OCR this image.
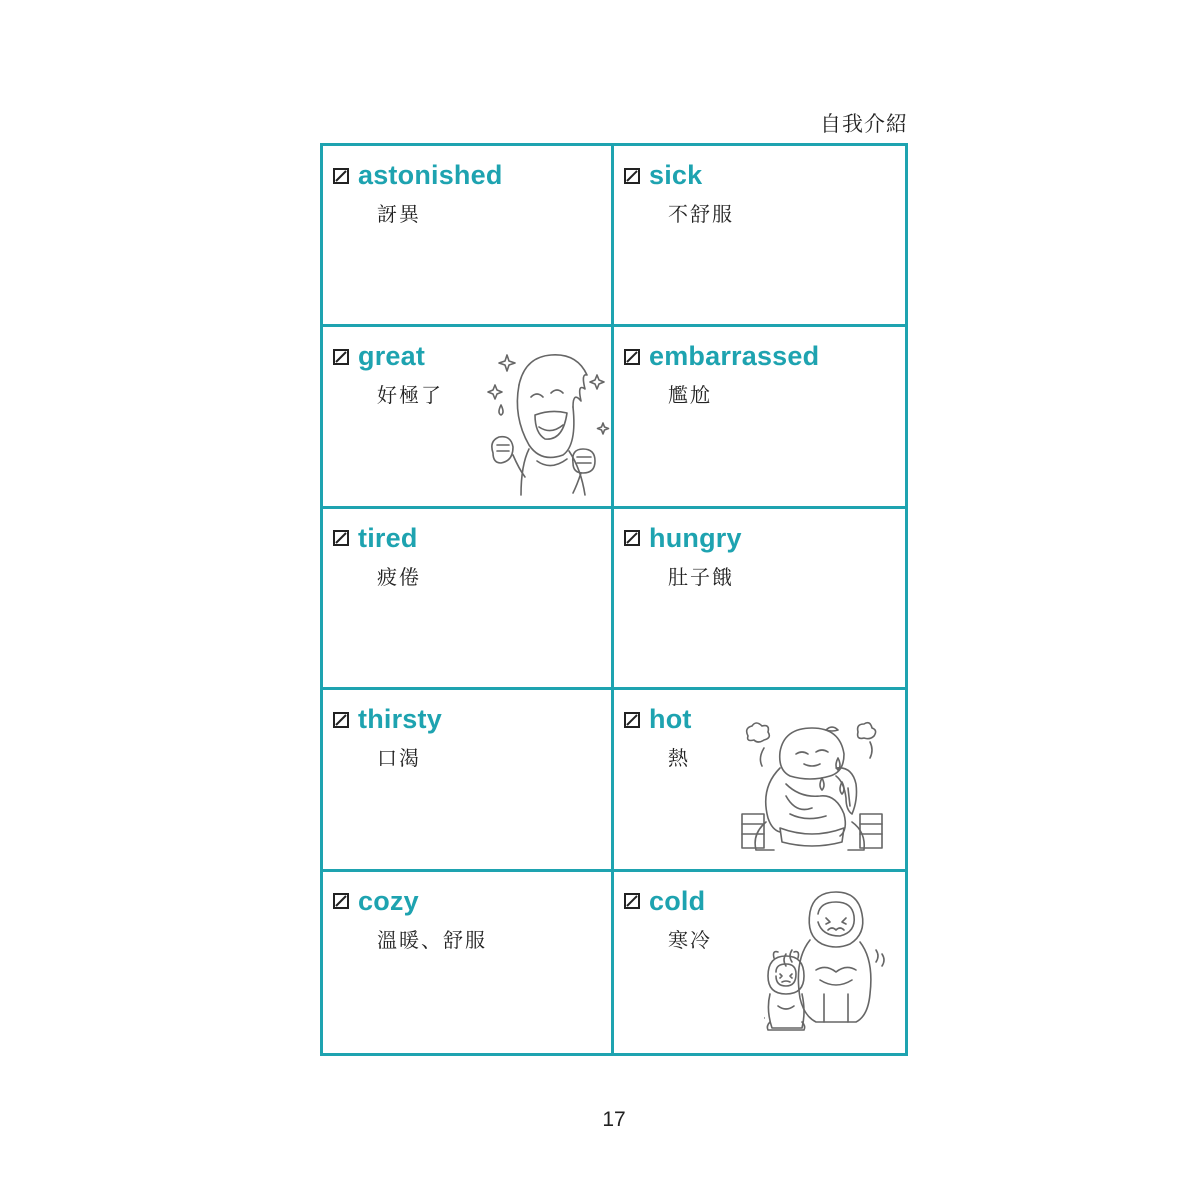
自我介紹
astonished
訝異
sick
不舒服
great
好極了
embarrassed
尷尬
tired
疲倦
hungry
肚子餓
thirsty
口渴
hot
熱
cozy
溫暖、舒服
cold
寒冷
17
